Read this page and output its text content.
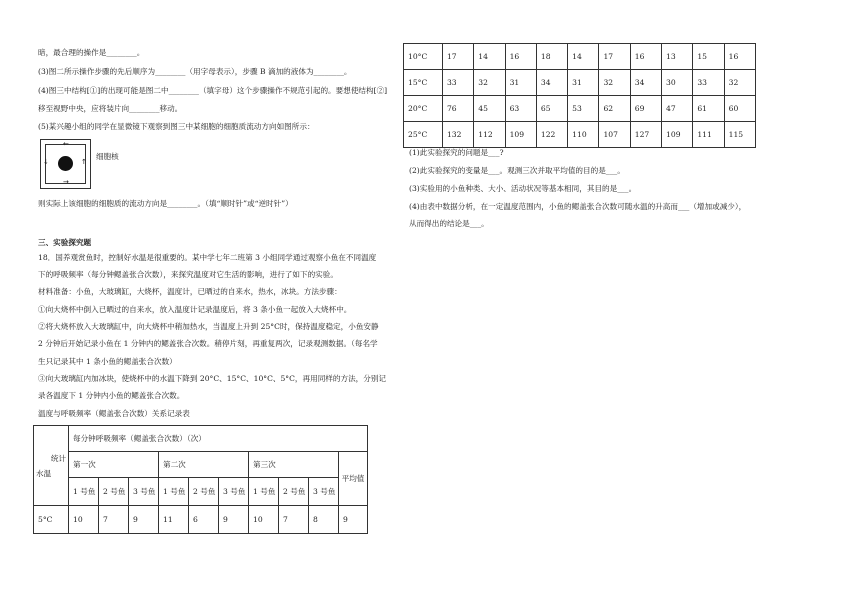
暗，最合理的操作是________。
(3)图二所示操作步骤的先后顺序为________（用字母表示），步骤 B 滴加的液体为________。
(4)图三中结构[①]的出现可能是图二中________（填字母）这个步骤操作不规范引起的。要想使结构[②]
移至视野中央，应将装片向________移动。
(5)某兴趣小组的同学在显微镜下观察到图三中某细胞的细胞质流动方向如图所示：
←
↓
→
↑
细胞核
则实际上该细胞的细胞质的流动方向是________。（填“顺时针”或“逆时针”）
三、实验探究题
18．国养观赏鱼时，控制好水温是很重要的。某中学七年二班第 3 小组同学通过观察小鱼在不同温度
下的呼吸频率（每分钟鳃盖张合次数），来探究温度对它生活的影响，进行了如下的实验。
材料准备：小鱼，大玻璃缸，大烧杯，温度计，已晒过的自来水，热水，冰块。方法步骤：
①向大烧杯中倒入已晒过的自来水，放入温度计记录温度后，将 3 条小鱼一起放入大烧杯中。
②将大烧杯放入大玻璃缸中，向大烧杯中稍加热水，当温度上升到 25°C时，保持温度稳定，小鱼安静
2 分钟后开始记录小鱼在 1 分钟内的鳃盖张合次数。稍停片刻，再重复两次，记录观测数据。（每名学
生只记录其中 1 条小鱼的鳃盖张合次数）
③向大玻璃缸内加冰块，使烧杯中的水温下降到 20°C、15°C、10°C、5°C，再用同样的方法，分别记
录各温度下 1 分钟内小鱼的鳃盖张合次数。
温度与呼吸频率（鳃盖张合次数）关系记录表
统计
水温	每分钟呼吸频率（鳃盖张合次数）（次）									
	第一次			第二次			第三次			平均值
	1 号鱼	2 号鱼	3 号鱼	1 号鱼	2 号鱼	3 号鱼	1 号鱼	2 号鱼	3 号鱼	
5°C	10	7	9	11	6	9	10	7	8	9
10°C	17	14	16	18	14	17	16	13	15	16
15°C	33	32	31	34	31	32	34	30	33	32
20°C	76	45	63	65	53	62	69	47	61	60
25°C	132	112	109	122	110	107	127	109	111	115
(1)此实验探究的问题是___?
(2)此实验探究的变量是___。观测三次并取平均值的目的是___。
(3)实验用的小鱼种类、大小、活动状况等基本相同，其目的是___。
(4)由表中数据分析，在一定温度范围内，小鱼的鳃盖张合次数可随水温的升高而___（增加或减少），
从而得出的结论是___。
